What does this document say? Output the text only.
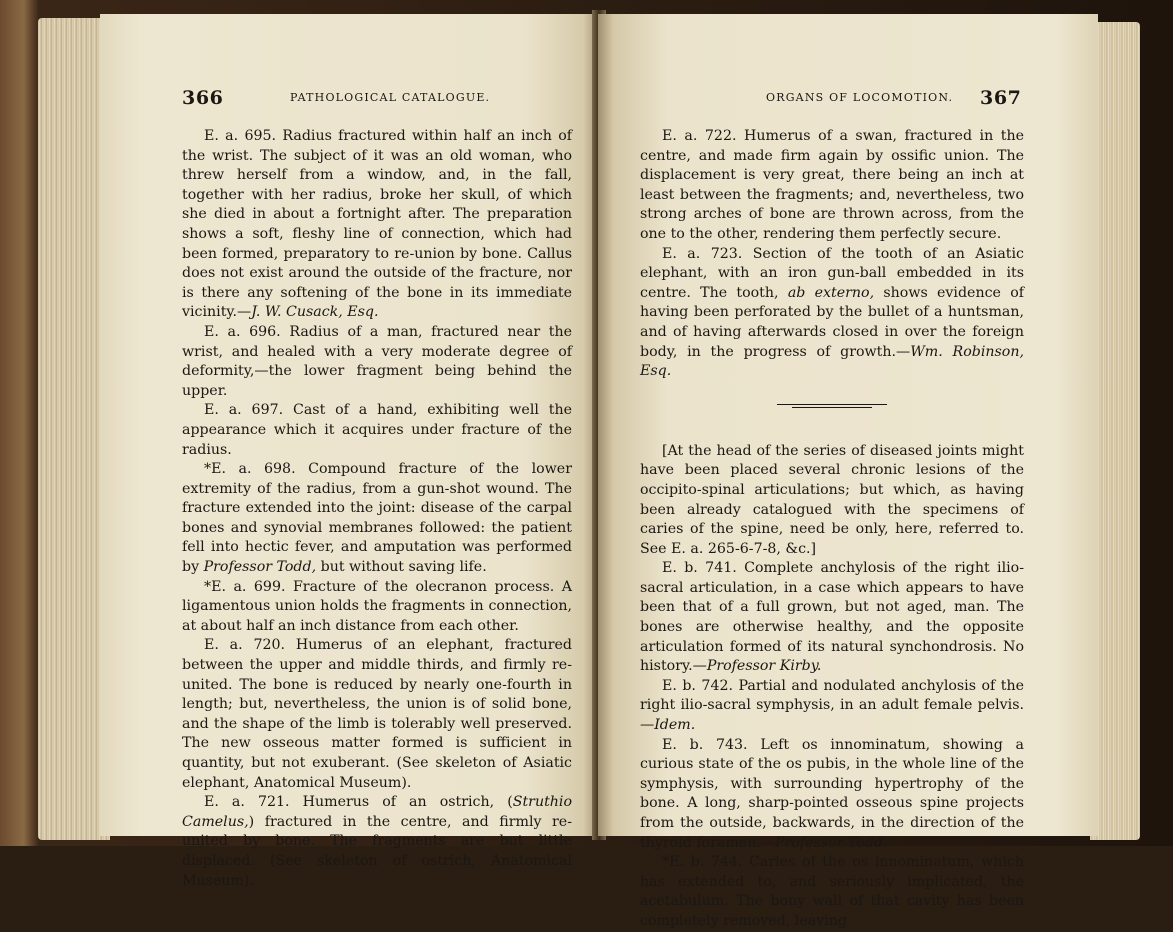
366	PATHOLOGICAL CATALOGUE.

E. a. 695. Radius fractured within half an inch of the wrist. The subject of it was an old woman, who threw herself from a window, and, in the fall, together with her radius, broke her skull, of which she died in about a fortnight after. The preparation shows a soft, fleshy line of connection, which had been formed, preparatory to re-union by bone. Callus does not exist around the outside of the fracture, nor is there any softening of the bone in its immediate vicinity.—J. W. Cusack, Esq.

E. a. 696. Radius of a man, fractured near the wrist, and healed with a very moderate degree of deformity,—the lower fragment being behind the upper.

E. a. 697. Cast of a hand, exhibiting well the appearance which it acquires under fracture of the radius.

*E. a. 698. Compound fracture of the lower extremity of the radius, from a gun-shot wound. The fracture extended into the joint: disease of the carpal bones and synovial membranes followed: the patient fell into hectic fever, and amputation was performed by Professor Todd, but without saving life.

*E. a. 699. Fracture of the olecranon process. A ligamentous union holds the fragments in connection, at about half an inch distance from each other.

E. a. 720. Humerus of an elephant, fractured between the upper and middle thirds, and firmly re-united. The bone is reduced by nearly one-fourth in length; but, nevertheless, the union is of solid bone, and the shape of the limb is tolerably well preserved. The new osseous matter formed is sufficient in quantity, but not exuberant. (See skeleton of Asiatic elephant, Anatomical Museum).

E. a. 721. Humerus of an ostrich, (Struthio Camelus,) fractured in the centre, and firmly re-united by bone. The fragments are but little displaced. (See skeleton of ostrich, Anatomical Museum).

ORGANS OF LOCOMOTION. 367

E. a. 722. Humerus of a swan, fractured in the centre, and made firm again by ossific union. The displacement is very great, there being an inch at least between the fragments; and, nevertheless, two strong arches of bone are thrown across, from the one to the other, rendering them perfectly secure.

E. a. 723. Section of the tooth of an Asiatic elephant, with an iron gun-ball embedded in its centre. The tooth, ab externo, shows evidence of having been perforated by the bullet of a huntsman, and of having afterwards closed in over the foreign body, in the progress of growth.—Wm. Robinson, Esq.

[At the head of the series of diseased joints might have been placed several chronic lesions of the occipito-spinal articulations; but which, as having been already catalogued with the specimens of caries of the spine, need be only, here, referred to. See E. a. 265-6-7-8, &c.]

E. b. 741. Complete anchylosis of the right ilio-sacral articulation, in a case which appears to have been that of a full grown, but not aged, man. The bones are otherwise healthy, and the opposite articulation formed of its natural synchondrosis. No history.—Professor Kirby.

E. b. 742. Partial and nodulated anchylosis of the right ilio-sacral symphysis, in an adult female pelvis.—Idem.

E. b. 743. Left os innominatum, showing a curious state of the os pubis, in the whole line of the symphysis, with surrounding hypertrophy of the bone. A long, sharp-pointed osseous spine projects from the outside, backwards, in the direction of the thyroid foramen.—Professor Todd.

*E. b. 744. Caries of the os innominatum, which has extended to, and seriously implicated, the acetabulum. The bony wall of that cavity has been completely removed, leaving
